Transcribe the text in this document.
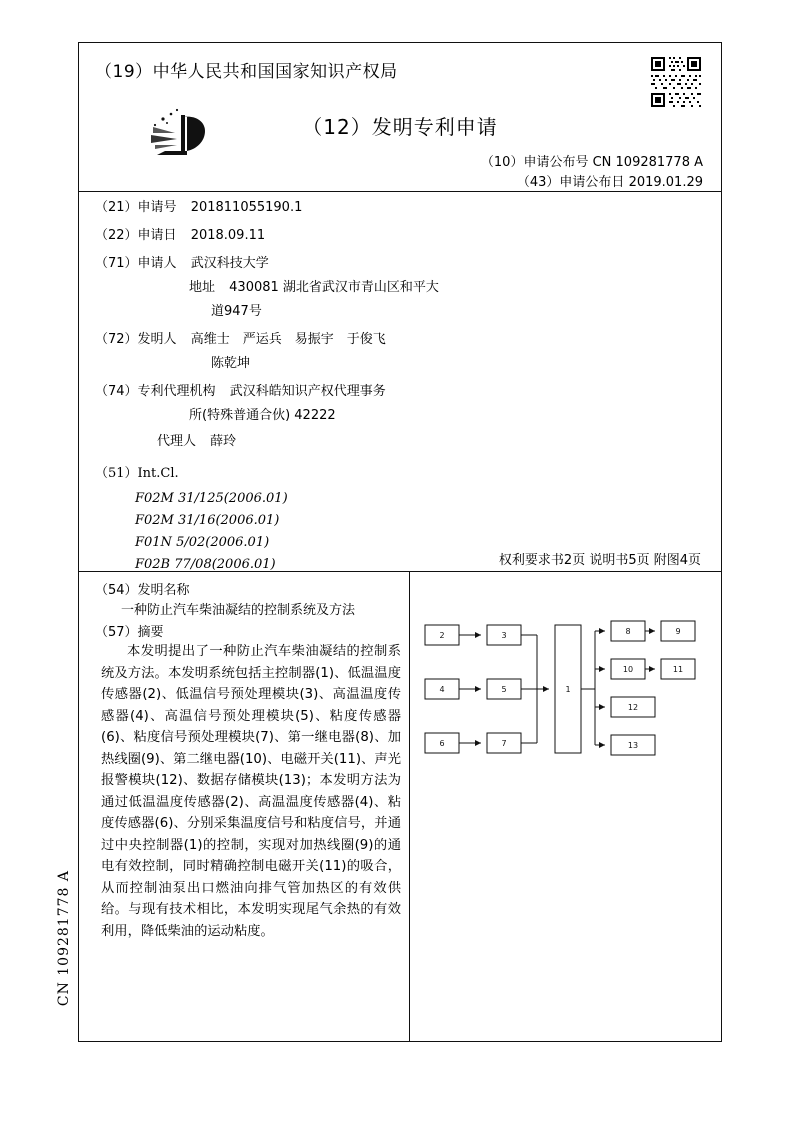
（19）中华人民共和国国家知识产权局
（12）发明专利申请
（10）申请公布号 CN 109281778 A
（43）申请公布日 2019.01.29
（21）申请号 201811055190.1
（22）申请日 2018.09.11
（71）申请人 武汉科技大学
地址 430081 湖北省武汉市青山区和平大
道947号
（72）发明人 高维士　严运兵　易振宇　于俊飞
陈乾坤
（74）专利代理机构 武汉科皓知识产权代理事务
所(特殊普通合伙) 42222
代理人 薛玲
（51）Int.Cl.
F02M 31/125(2006.01)
F02M 31/16(2006.01)
F01N 5/02(2006.01)
F02B 77/08(2006.01)	权利要求书2页 说明书5页 附图4页
（54）发明名称
一种防止汽车柴油凝结的控制系统及方法
（57）摘要
本发明提出了一种防止汽车柴油凝结的控制系统及方法。本发明系统包括主控制器(1)、低温温度传感器(2)、低温信号预处理模块(3)、高温温度传感器(4)、高温信号预处理模块(5)、粘度传感器(6)、粘度信号预处理模块(7)、第一继电器(8)、加热线圈(9)、第二继电器(10)、电磁开关(11)、声光报警模块(12)、数据存储模块(13)；本发明方法为通过低温温度传感器(2)、高温温度传感器(4)、粘度传感器(6)、分别采集温度信号和粘度信号，并通过中央控制器(1)的控制，实现对加热线圈(9)的通电有效控制，同时精确控制电磁开关(11)的吸合，从而控制油泵出口燃油向排气管加热区的有效供给。与现有技术相比，本发明实现尾气余热的有效利用，降低柴油的运动粘度。
2	3
4	5
6	7
1
8	9
10	11
12
13
CN 109281778 A
